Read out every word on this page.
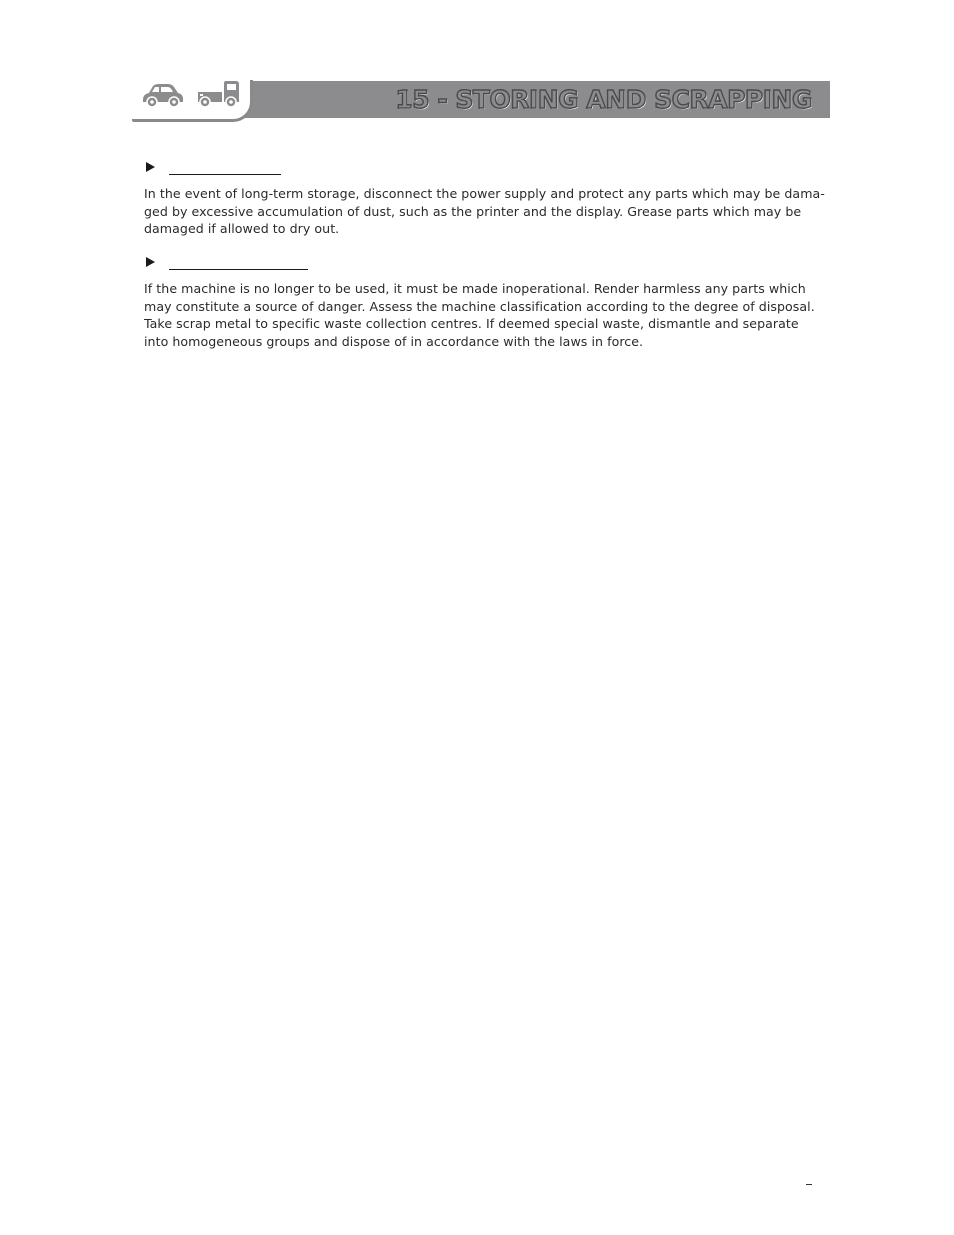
15 - STORING AND SCRAPPING

In the event of long-term storage, disconnect the power supply and protect any parts which may be dama-
ged by excessive accumulation of dust, such as the printer and the display. Grease parts which may be
damaged if allowed to dry out.

If the machine is no longer to be used, it must be made inoperational. Render harmless any parts which
may constitute a source of danger. Assess the machine classification according to the degree of disposal.
Take scrap metal to specific waste collection centres. If deemed special waste, dismantle and separate
into homogeneous groups and dispose of in accordance with the laws in force.
